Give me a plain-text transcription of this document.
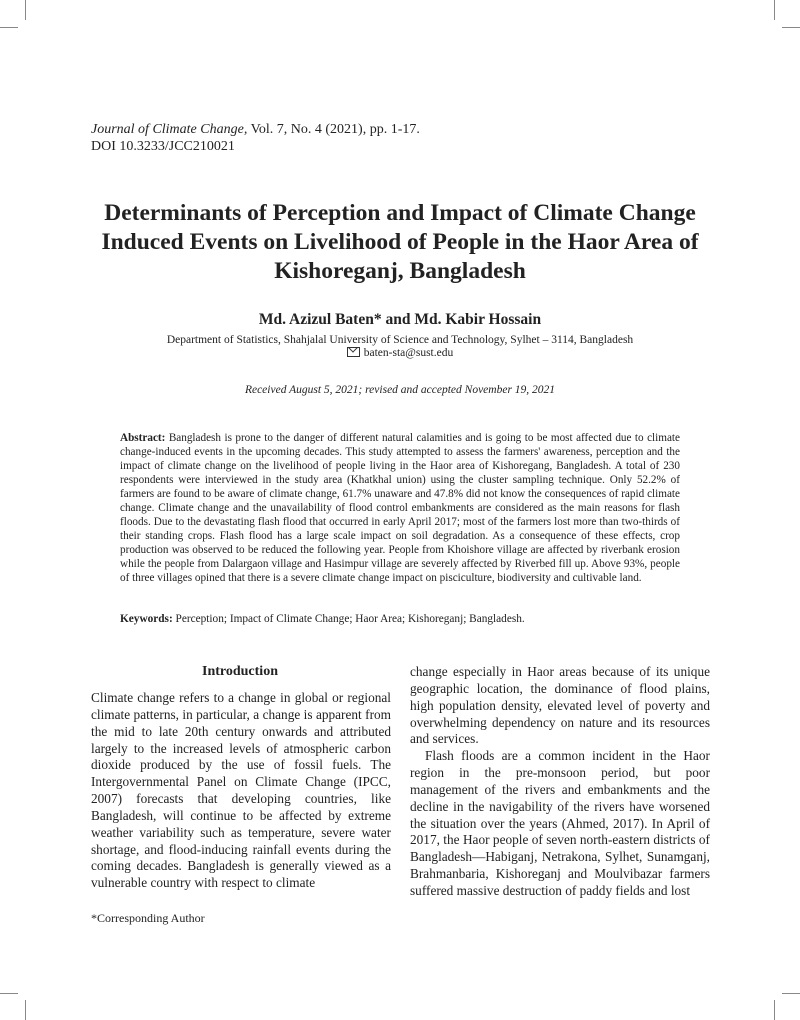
Journal of Climate Change, Vol. 7, No. 4 (2021), pp. 1-17.
DOI 10.3233/JCC210021
Determinants of Perception and Impact of Climate Change Induced Events on Livelihood of People in the Haor Area of Kishoreganj, Bangladesh
Md. Azizul Baten* and Md. Kabir Hossain
Department of Statistics, Shahjalal University of Science and Technology, Sylhet – 3114, Bangladesh
baten-sta@sust.edu
Received August 5, 2021; revised and accepted November 19, 2021
Abstract: Bangladesh is prone to the danger of different natural calamities and is going to be most affected due to climate change-induced events in the upcoming decades. This study attempted to assess the farmers' awareness, perception and the impact of climate change on the livelihood of people living in the Haor area of Kishoregang, Bangladesh. A total of 230 respondents were interviewed in the study area (Khatkhal union) using the cluster sampling technique. Only 52.2% of farmers are found to be aware of climate change, 61.7% unaware and 47.8% did not know the consequences of rapid climate change. Climate change and the unavailability of flood control embankments are considered as the main reasons for flash floods. Due to the devastating flash flood that occurred in early April 2017; most of the farmers lost more than two-thirds of their standing crops. Flash flood has a large scale impact on soil degradation. As a consequence of these effects, crop production was observed to be reduced the following year. People from Khoishore village are affected by riverbank erosion while the people from Dalargaon village and Hasimpur village are severely affected by Riverbed fill up. Above 93%, people of three villages opined that there is a severe climate change impact on pisciculture, biodiversity and cultivable land.
Keywords: Perception; Impact of Climate Change; Haor Area; Kishoreganj; Bangladesh.
Introduction

Climate change refers to a change in global or regional climate patterns, in particular, a change is apparent from the mid to late 20th century onwards and attributed largely to the increased levels of atmospheric carbon dioxide produced by the use of fossil fuels. The Intergovernmental Panel on Climate Change (IPCC, 2007) forecasts that developing countries, like Bangladesh, will continue to be affected by extreme weather variability such as temperature, severe water shortage, and flood-inducing rainfall events during the coming decades. Bangladesh is generally viewed as a vulnerable country with respect to climate

change especially in Haor areas because of its unique geographic location, the dominance of flood plains, high population density, elevated level of poverty and overwhelming dependency on nature and its resources and services.

Flash floods are a common incident in the Haor region in the pre-monsoon period, but poor management of the rivers and embankments and the decline in the navigability of the rivers have worsened the situation over the years (Ahmed, 2017). In April of 2017, the Haor people of seven north-eastern districts of Bangladesh—Habiganj, Netrakona, Sylhet, Sunamganj, Brahmanbaria, Kishoreganj and Moulvibazar farmers suffered massive destruction of paddy fields and lost

*Corresponding Author
